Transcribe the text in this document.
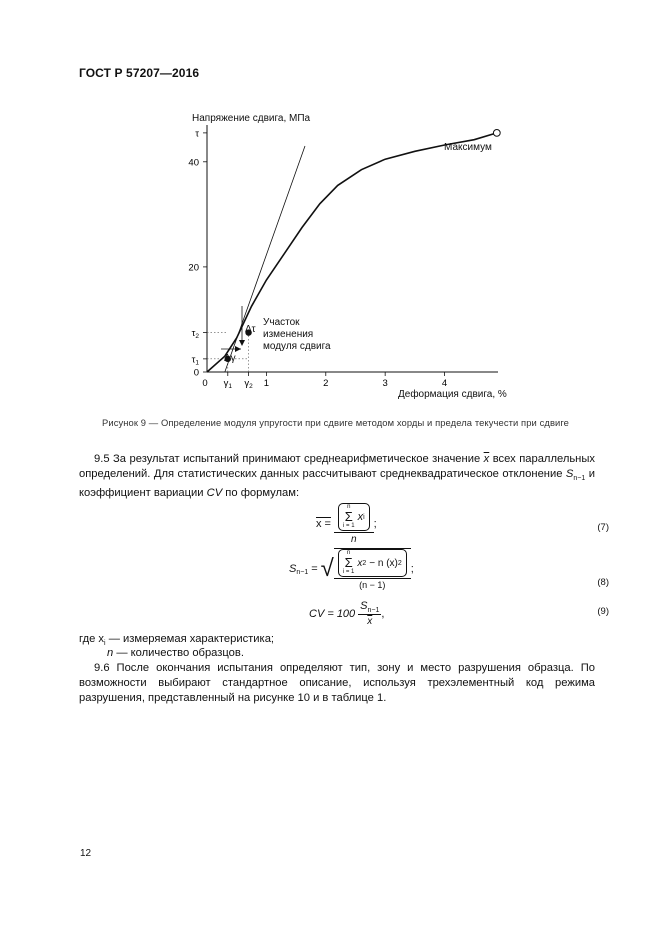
ГОСТ Р 57207—2016
Напряжение сдвига, МПа
Деформация сдвига, %
τ
40
20
$\tau_2$
$\tau_1$
0
0 $\gamma_1$ $\gamma_2$ 1	2	3	4
Δτ
Δγ
Участок
изменения
модуля сдвига
Максимум
Рисунок 9 — Определение модуля упругости при сдвиге методом хорды и предела текучести при сдвиге
9.5 За результат испытаний принимают среднеарифметическое значение $\overline{x}$ всех параллельных определений. Для статистических данных рассчитывают среднеквадратическое отклонение $S_{n-1}$ и коэффициент вариации CV по формулам:
x = n
Σ
i = 1
x i
n ;	(7)
$S_{n-1}$ = √
n
Σ
i = 1
x 2 − n (x) 2
(n − 1)
;
(8)
CV = $100 \frac{S_{n-1}}{x}$ ,	(9)
где $x_i$ — измеряемая характеристика;
n — количество образцов.
9.6 После окончания испытания определяют тип, зону и место разрушения образца. По возможности выбирают стандартное описание, используя трехэлементный код режима разрушения, представленный на рисунке 10 и в таблице 1.
12
